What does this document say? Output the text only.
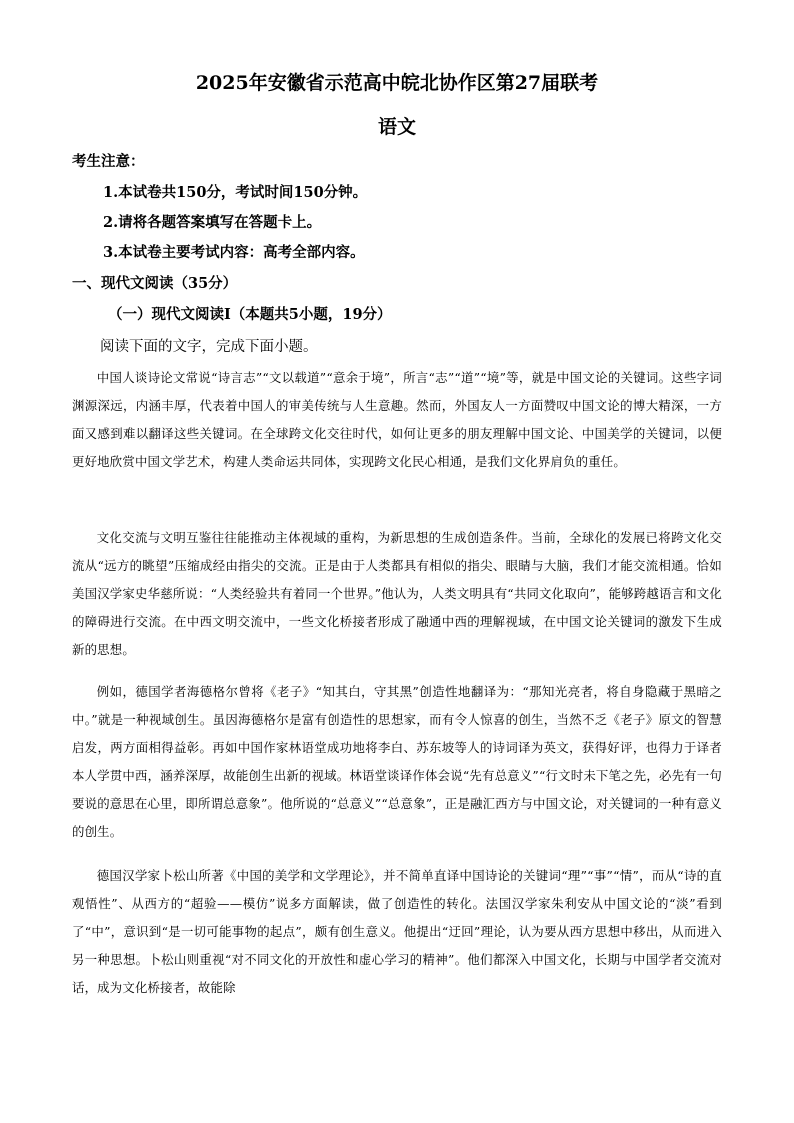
2025年安徽省示范高中皖北协作区第27届联考
语文
考生注意：
1.本试卷共150分，考试时间150分钟。
2.请将各题答案填写在答题卡上。
3.本试卷主要考试内容：高考全部内容。
一、现代文阅读（35分）
（一）现代文阅读Ⅰ（本题共5小题，19分）
阅读下面的文字，完成下面小题。
中国人谈诗论文常说“诗言志”“文以载道”“意余于境”，所言“志”“道”“境”等，就是中国文论的关键词。这些字词渊源深远，内涵丰厚，代表着中国人的审美传统与人生意趣。然而，外国友人一方面赞叹中国文论的博大精深，一方面又感到难以翻译这些关键词。在全球跨文化交往时代，如何让更多的朋友理解中国文论、中国美学的关键词，以便更好地欣赏中国文学艺术，构建人类命运共同体，实现跨文化民心相通，是我们文化界肩负的重任。
文化交流与文明互鉴往往能推动主体视域的重构，为新思想的生成创造条件。当前，全球化的发展已将跨文化交流从“远方的眺望”压缩成经由指尖的交流。正是由于人类都具有相似的指尖、眼睛与大脑，我们才能交流相通。恰如美国汉学家史华慈所说：“人类经验共有着同一个世界。”他认为，人类文明具有“共同文化取向”，能够跨越语言和文化的障碍进行交流。在中西文明交流中，一些文化桥接者形成了融通中西的理解视域，在中国文论关键词的激发下生成新的思想。
例如，德国学者海德格尔曾将《老子》“知其白，守其黑”创造性地翻译为：“那知光亮者，将自身隐藏于黑暗之中。”就是一种视域创生。虽因海德格尔是富有创造性的思想家，而有令人惊喜的创生，当然不乏《老子》原文的智慧启发，两方面相得益彰。再如中国作家林语堂成功地将李白、苏东坡等人的诗词译为英文，获得好评，也得力于译者本人学贯中西，涵养深厚，故能创生出新的视域。林语堂谈译作体会说“先有总意义”“行文时未下笔之先，必先有一句要说的意思在心里，即所谓总意象”。他所说的“总意义”“总意象”，正是融汇西方与中国文论，对关键词的一种有意义的创生。
德国汉学家卜松山所著《中国的美学和文学理论》，并不简单直译中国诗论的关键词“理”“事”“情”，而从“诗的直观悟性”、从西方的“超验——模仿”说多方面解读，做了创造性的转化。法国汉学家朱利安从中国文论的“淡”看到了“中”，意识到“是一切可能事物的起点”，颇有创生意义。他提出“迂回”理论，认为要从西方思想中移出，从而进入另一种思想。卜松山则重视“对不同文化的开放性和虚心学习的精神”。他们都深入中国文化，长期与中国学者交流对话，成为文化桥接者，故能除
